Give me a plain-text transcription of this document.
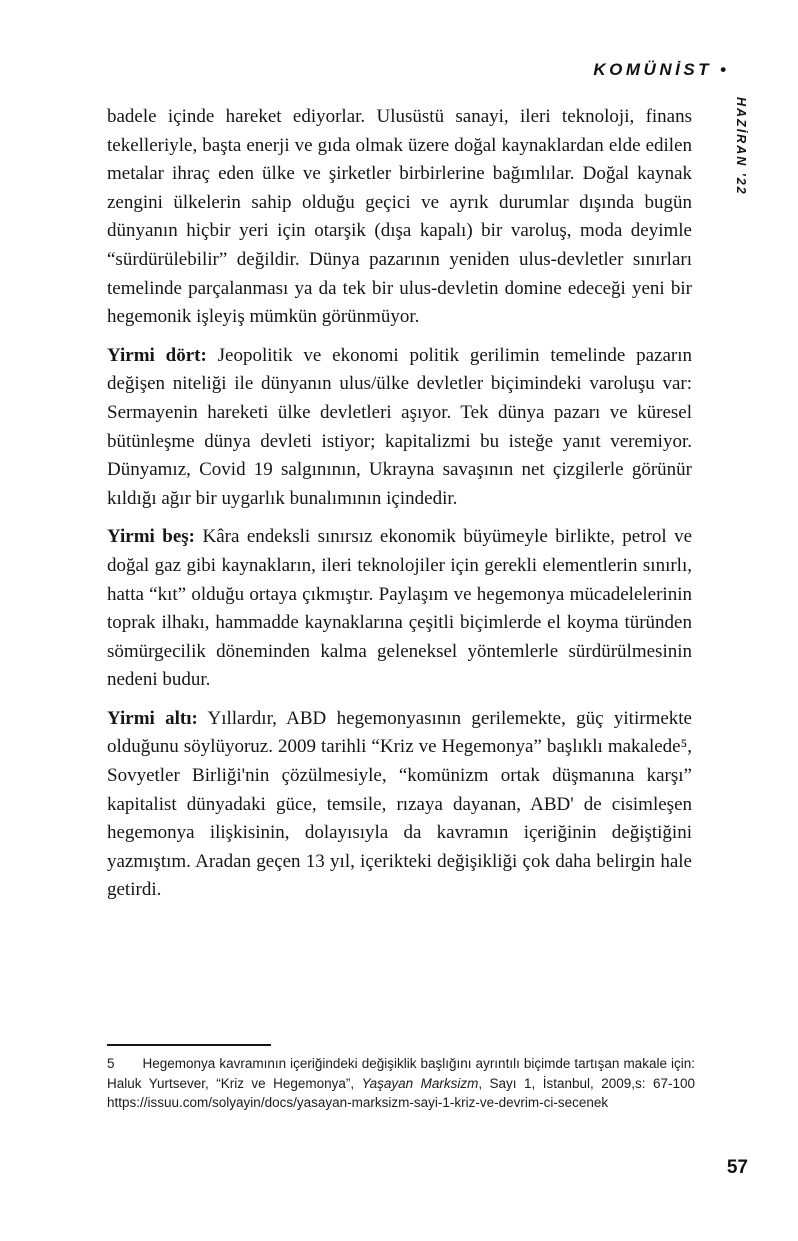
KOMÜNİST •
HAZİRAN '22

badele içinde hareket ediyorlar. Ulusüstü sanayi, ileri teknoloji, finans tekelleriyle, başta enerji ve gıda olmak üzere doğal kaynaklardan elde edilen metalar ihraç eden ülke ve şirketler birbirlerine bağımlılar. Doğal kaynak zengini ülkelerin sahip olduğu geçici ve ayrık durumlar dışında bugün dünyanın hiçbir yeri için otarşik (dışa kapalı) bir varoluş, moda deyimle “sürdürülebilir” değildir. Dünya pazarının yeniden ulus-devletler sınırları temelinde parçalanması ya da tek bir ulus-devletin domine edeceği yeni bir hegemonik işleyiş mümkün görünmüyor.

Yirmi dört: Jeopolitik ve ekonomi politik gerilimin temelinde pazarın değişen niteliği ile dünyanın ulus/ülke devletler biçimindeki varoluşu var: Sermayenin hareketi ülke devletleri aşıyor. Tek dünya pazarı ve küresel bütünleşme dünya devleti istiyor; kapitalizmi bu isteğe yanıt veremiyor. Dünyamız, Covid 19 salgınının, Ukrayna savaşının net çizgilerle görünür kıldığı ağır bir uygarlık bunalımının içindedir.

Yirmi beş: Kâra endeksli sınırsız ekonomik büyümeyle birlikte, petrol ve doğal gaz gibi kaynakların, ileri teknolojiler için gerekli elementlerin sınırlı, hatta “kıt” olduğu ortaya çıkmıştır. Paylaşım ve hegemonya mücadelelerinin toprak ilhakı, hammadde kaynaklarına çeşitli biçimlerde el koyma türünden sömürgecilik döneminden kalma geleneksel yöntemlerle sürdürülmesinin nedeni budur.

Yirmi altı: Yıllardır, ABD hegemonyasının gerilemekte, güç yitirmekte olduğunu söylüyoruz. 2009 tarihli “Kriz ve Hegemonya” başlıklı makalede⁵, Sovyetler Birliği'nin çözülmesiyle, “komünizm ortak düşmanına karşı” kapitalist dünyadaki güce, temsile, rızaya dayanan, ABD' de cisimleşen hegemonya ilişkisinin, dolayısıyla da kavramın içeriğinin değiştiğini yazmıştım. Aradan geçen 13 yıl, içerikteki değişikliği çok daha belirgin hale getirdi.

5 Hegemonya kavramının içeriğindeki değişiklik başlığını ayrıntılı biçimde tartışan makale için: Haluk Yurtsever, “Kriz ve Hegemonya”, Yaşayan Marksizm, Sayı 1, İstanbul, 2009,s: 67-100 https://issuu.com/solyayin/docs/yasayan-marksizm-sayi-1-kriz-ve-devrim-ci-secenek
57
